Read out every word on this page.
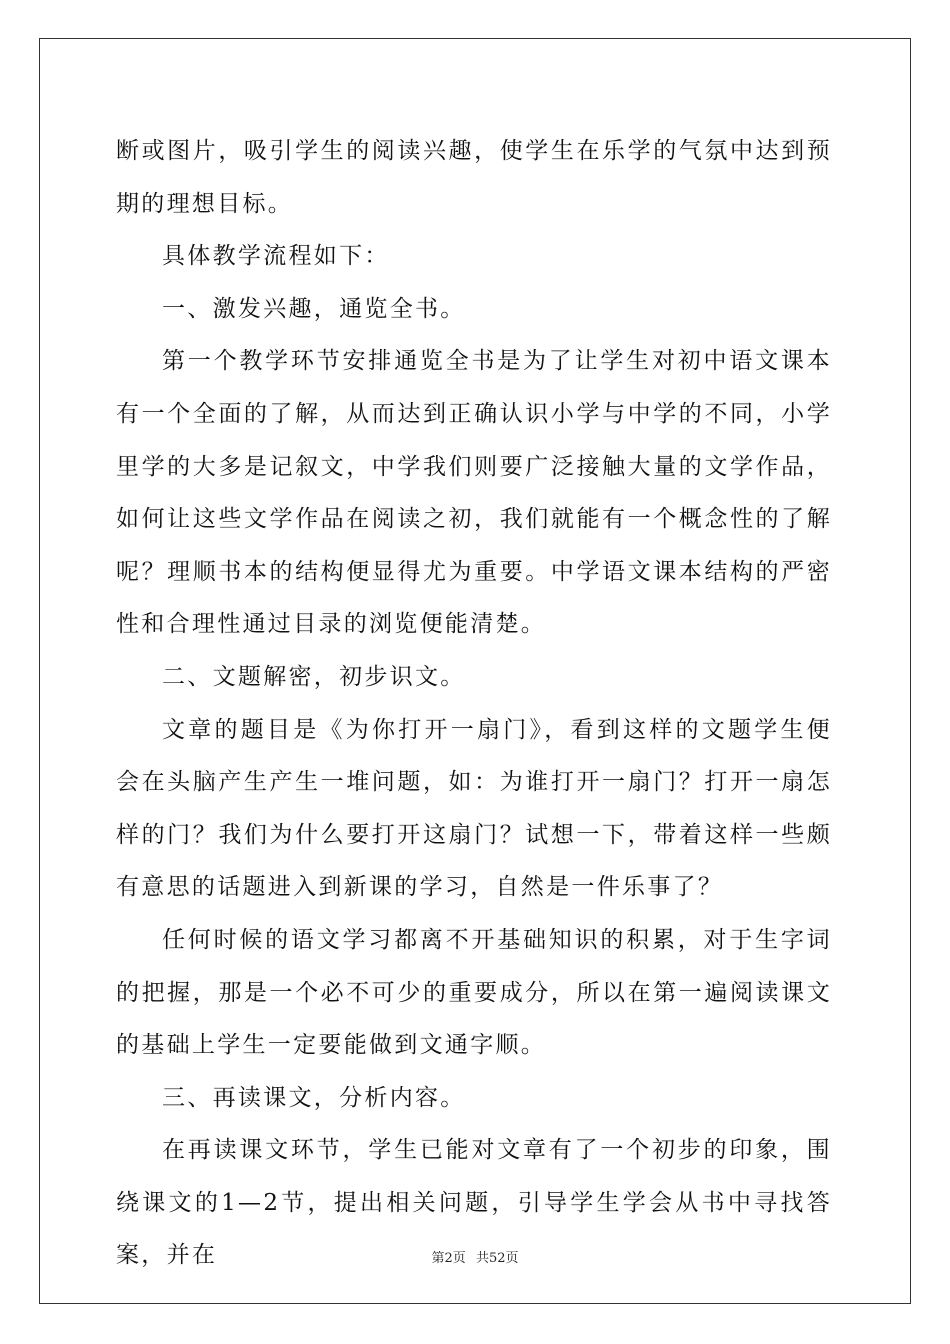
断或图片，吸引学生的阅读兴趣，使学生在乐学的气氛中达到预期的理想目标。

具体教学流程如下：

一、激发兴趣，通览全书。

第一个教学环节安排通览全书是为了让学生对初中语文课本有一个全面的了解，从而达到正确认识小学与中学的不同，小学里学的大多是记叙文，中学我们则要广泛接触大量的文学作品，如何让这些文学作品在阅读之初，我们就能有一个概念性的了解呢？理顺书本的结构便显得尤为重要。中学语文课本结构的严密性和合理性通过目录的浏览便能清楚。

二、文题解密，初步识文。

文章的题目是《为你打开一扇门》，看到这样的文题学生便会在头脑产生产生一堆问题，如：为谁打开一扇门？打开一扇怎样的门？我们为什么要打开这扇门？试想一下，带着这样一些颇有意思的话题进入到新课的学习，自然是一件乐事了？

任何时候的语文学习都离不开基础知识的积累，对于生字词的把握，那是一个必不可少的重要成分，所以在第一遍阅读课文的基础上学生一定要能做到文通字顺。

三、再读课文，分析内容。

在再读课文环节，学生已能对文章有了一个初步的印象，围绕课文的1—2节，提出相关问题，引导学生学会从书中寻找答案，并在	第2页 共52页
